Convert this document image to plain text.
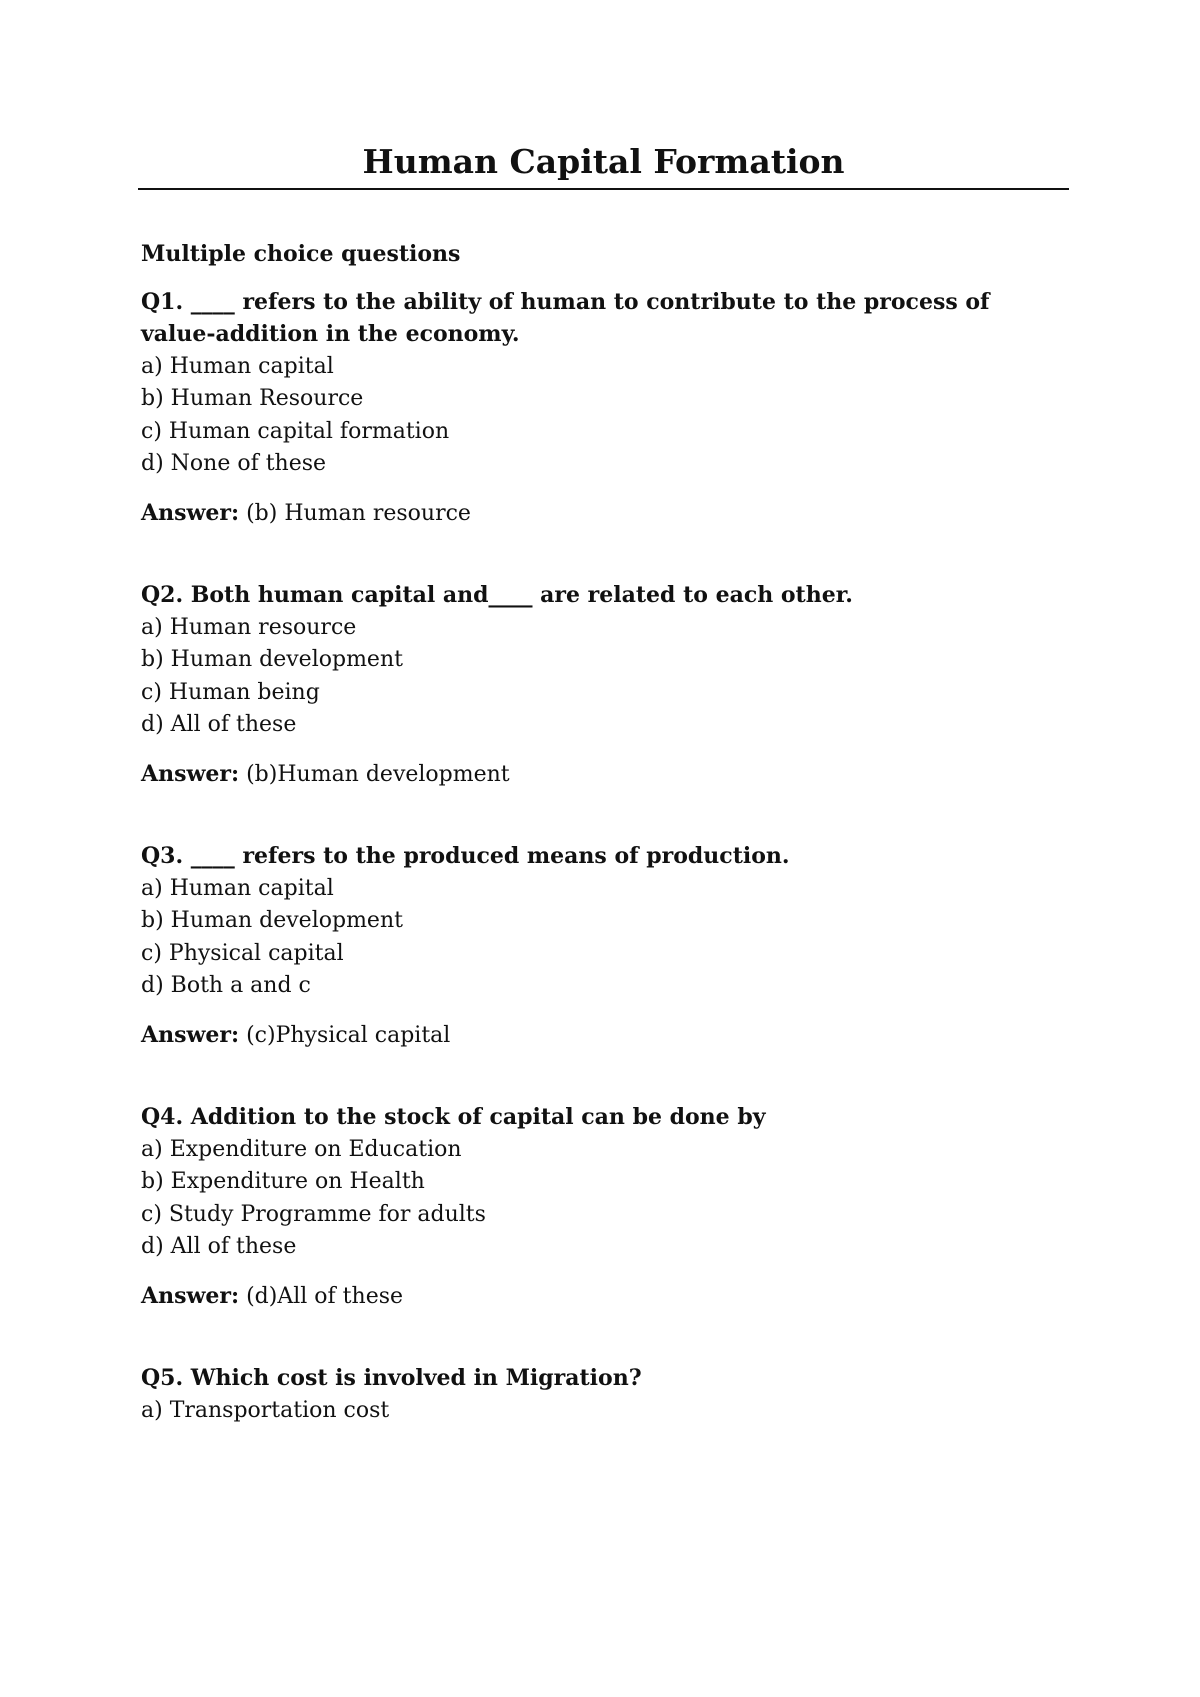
Human Capital Formation

Multiple choice questions

Q1. ____ refers to the ability of human to contribute to the process of value-addition in the economy.

a) Human capital
b) Human Resource
c) Human capital formation
d) None of these

Answer: (b) Human resource

Q2. Both human capital and____ are related to each other.

a) Human resource
b) Human development
c) Human being
d) All of these

Answer: (b)Human development

Q3. ____ refers to the produced means of production.

a) Human capital
b) Human development
c) Physical capital
d) Both a and c

Answer: (c)Physical capital

Q4. Addition to the stock of capital can be done by

a) Expenditure on Education
b) Expenditure on Health
c) Study Programme for adults
d) All of these

Answer: (d)All of these

Q5. Which cost is involved in Migration?

a) Transportation cost
